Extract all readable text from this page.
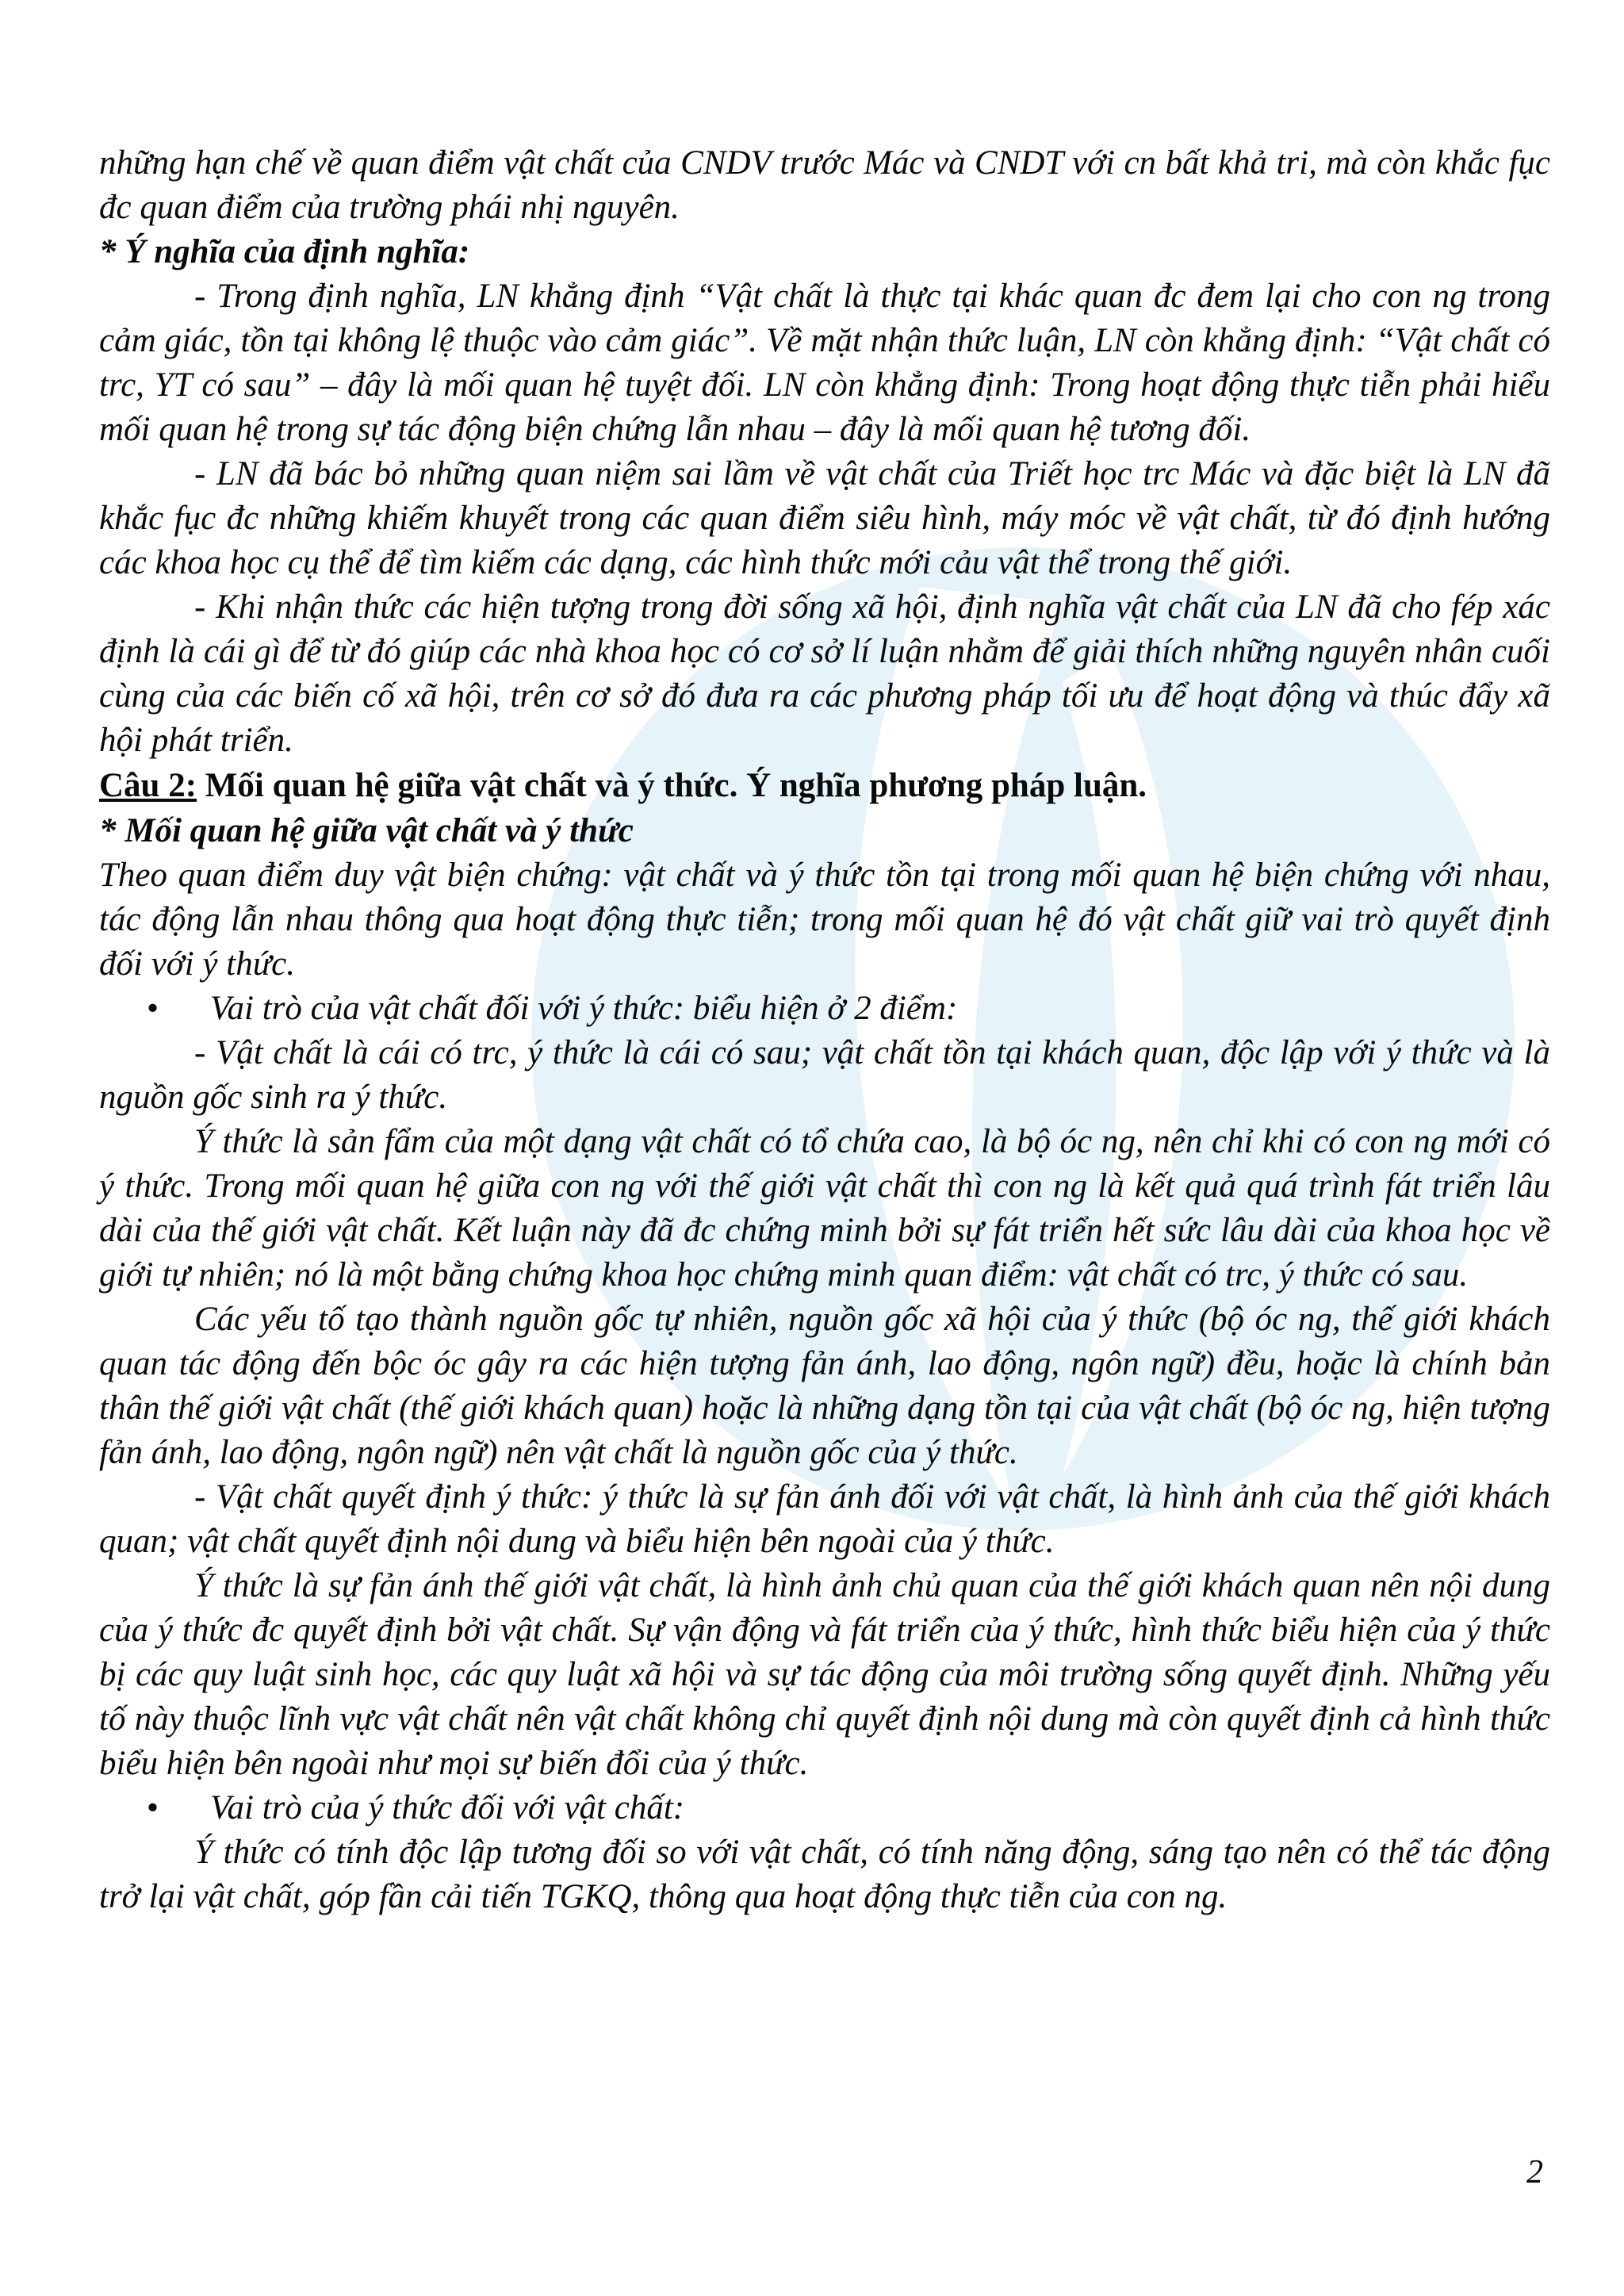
những hạn chế về quan điểm vật chất của CNDV trước Mác và CNDT với cn bất khả tri, mà còn khắc fục đc quan điểm của trường phái nhị nguyên.

* Ý nghĩa của định nghĩa:

- Trong định nghĩa, LN khẳng định “Vật chất là thực tại khác quan đc đem lại cho con ng trong cảm giác, tồn tại không lệ thuộc vào cảm giác”. Về mặt nhận thức luận, LN còn khẳng định: “Vật chất có trc, YT có sau” – đây là mối quan hệ tuyệt đối. LN còn khẳng định: Trong hoạt động thực tiễn phải hiểu mối quan hệ trong sự tác động biện chứng lẫn nhau – đây là mối quan hệ tương đối.

- LN đã bác bỏ những quan niệm sai lầm về vật chất của Triết học trc Mác và đặc biệt là LN đã khắc fục đc những khiếm khuyết trong các quan điểm siêu hình, máy móc về vật chất, từ đó định hướng các khoa học cụ thể để tìm kiếm các dạng, các hình thức mới cảu vật thể trong thế giới.

- Khi nhận thức các hiện tượng trong đời sống xã hội, định nghĩa vật chất của LN đã cho fép xác định là cái gì để từ đó giúp các nhà khoa học có cơ sở lí luận nhằm để giải thích những nguyên nhân cuối cùng của các biến cố xã hội, trên cơ sở đó đưa ra các phương pháp tối ưu để hoạt động và thúc đẩy xã hội phát triển.

Câu 2: Mối quan hệ giữa vật chất và ý thức. Ý nghĩa phương pháp luận.

* Mối quan hệ giữa vật chất và ý thức

Theo quan điểm duy vật biện chứng: vật chất và ý thức tồn tại trong mối quan hệ biện chứng với nhau, tác động lẫn nhau thông qua hoạt động thực tiễn; trong mối quan hệ đó vật chất giữ vai trò quyết định đối với ý thức.

• Vai trò của vật chất đối với ý thức: biểu hiện ở 2 điểm:

- Vật chất là cái có trc, ý thức là cái có sau; vật chất tồn tại khách quan, độc lập với ý thức và là nguồn gốc sinh ra ý thức.

Ý thức là sản fẩm của một dạng vật chất có tổ chứa cao, là bộ óc ng, nên chỉ khi có con ng mới có ý thức. Trong mối quan hệ giữa con ng với thế giới vật chất thì con ng là kết quả quá trình fát triển lâu dài của thế giới vật chất. Kết luận này đã đc chứng minh bởi sự fát triển hết sức lâu dài của khoa học về giới tự nhiên; nó là một bằng chứng khoa học chứng minh quan điểm: vật chất có trc, ý thức có sau.

Các yếu tố tạo thành nguồn gốc tự nhiên, nguồn gốc xã hội của ý thức (bộ óc ng, thế giới khách quan tác động đến bộc óc gây ra các hiện tượng fản ánh, lao động, ngôn ngữ) đều, hoặc là chính bản thân thế giới vật chất (thế giới khách quan) hoặc là những dạng tồn tại của vật chất (bộ óc ng, hiện tượng fản ánh, lao động, ngôn ngữ) nên vật chất là nguồn gốc của ý thức.

- Vật chất quyết định ý thức: ý thức là sự fản ánh đối với vật chất, là hình ảnh của thế giới khách quan; vật chất quyết định nội dung và biểu hiện bên ngoài của ý thức.

Ý thức là sự fản ánh thế giới vật chất, là hình ảnh chủ quan của thế giới khách quan nên nội dung của ý thức đc quyết định bởi vật chất. Sự vận động và fát triển của ý thức, hình thức biểu hiện của ý thức bị các quy luật sinh học, các quy luật xã hội và sự tác động của môi trường sống quyết định. Những yếu tố này thuộc lĩnh vực vật chất nên vật chất không chỉ quyết định nội dung mà còn quyết định cả hình thức biểu hiện bên ngoài như mọi sự biến đổi của ý thức.

• Vai trò của ý thức đối với vật chất:

Ý thức có tính độc lập tương đối so với vật chất, có tính năng động, sáng tạo nên có thể tác động trở lại vật chất, góp fần cải tiến TGKQ, thông qua hoạt động thực tiễn của con ng.

2
